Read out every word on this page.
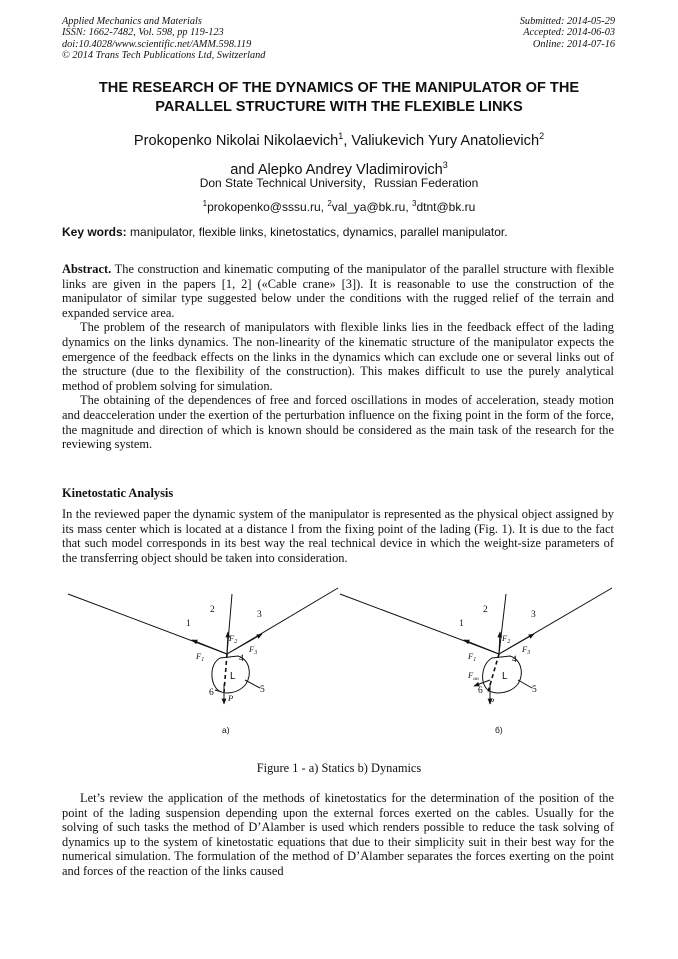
Applied Mechanics and Materials
ISSN: 1662-7482, Vol. 598, pp 119-123
doi:10.4028/www.scientific.net/AMM.598.119
© 2014 Trans Tech Publications Ltd, Switzerland
Submitted: 2014-05-29
Accepted: 2014-06-03
Online: 2014-07-16
THE RESEARCH OF THE DYNAMICS OF THE MANIPULATOR OF THE
PARALLEL STRUCTURE WITH THE FLEXIBLE LINKS
Prokopenko Nikolai Nikolaevich$^1$, Valiukevich Yury Anatolievich$^2$
and Alepko Andrey Vladimirovich$^3$
Don State Technical University，Russian Federation
$^1$prokopenko@sssu.ru, $^2$val_ya@bk.ru, $^3$dtnt@bk.ru
Key words: manipulator, flexible links, kinetostatics, dynamics, parallel manipulator.

Abstract. The construction and kinematic computing of the manipulator of the parallel structure with flexible links are given in the papers [1, 2] («Cable crane» [3]). It is reasonable to use the construction of the manipulator of similar type suggested below under the conditions with the rugged relief of the terrain and expanded service area.

The problem of the research of manipulators with flexible links lies in the feedback effect of the lading dynamics on the links dynamics. The non-linearity of the kinematic structure of the manipulator expects the emergence of the feedback effects on the links in the dynamics which can exclude one or several links out of the structure (due to the flexibility of the construction). This makes difficult to use the purely analytical method of problem solving for simulation.

The obtaining of the dependences of free and forced oscillations in modes of acceleration, steady motion and deacceleration under the exertion of the perturbation influence on the fixing point in the form of the force, the magnitude and direction of which is known should be considered as the main task of the research for the reviewing system.

Kinetostatic Analysis
In the reviewed paper the dynamic system of the manipulator is represented as the physical object assigned by its mass center which is located at a distance l from the fixing point of the lading (Fig. 1). It is due to the fact that such model corresponds in its best way the real technical device in which the weight-size parameters of the transferring object should be taken into consideration.
1
2	3
4
5
6
$F_1$
$F_2$
$F_3$
L
P
a)
1
2	3
4
5
6
$F_1$
$F_2$
$F_3$
$F_{ин}$ L
P
б)
Figure 1 - a) Statics b) Dynamics
Let’s review the application of the methods of kinetostatics for the determination of the position of the point of the lading suspension depending upon the external forces exerted on the cables. Usually for the solving of such tasks the method of D’Alamber is used which renders possible to reduce the task solving of dynamics up to the system of kinetostatic equations that due to their simplicity suit in their best way for the numerical simulation. The formulation of the method of D’Alamber separates the forces exerting on the point and forces of the reaction of the links caused
